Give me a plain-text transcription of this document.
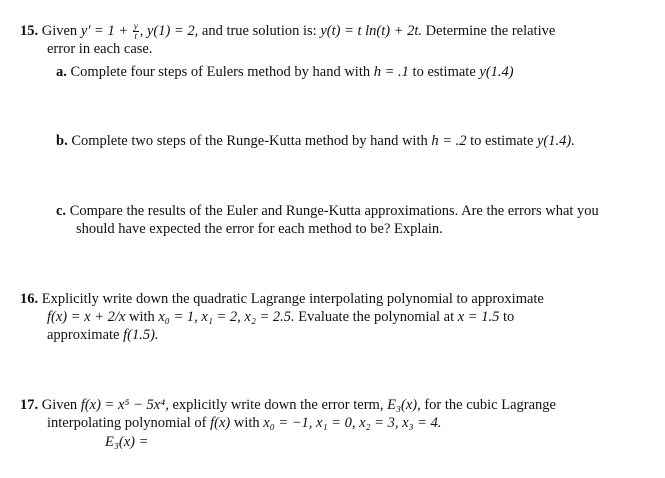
15. Given $y' = 1 + \frac{y}{t}$ , y(1) = 2, and true solution is: y(t) = t ln(t) + 2t. Determine the relative
error in each case.
a. Complete four steps of Eulers method by hand with h = .1 to estimate y(1.4)
b. Complete two steps of the Runge-Kutta method by hand with h = .2 to estimate y(1.4).
c. Compare the results of the Euler and Runge-Kutta approximations. Are the errors what you
should have expected the error for each method to be? Explain.
16. Explicitly write down the quadratic Lagrange interpolating polynomial to approximate
f(x) = x + 2/x with x₀ = 1, x₁ = 2, x₂ = 2.5. Evaluate the polynomial at x = 1.5 to
approximate f(1.5).
17. Given f(x) = x⁵ − 5x⁴, explicitly write down the error term, E₃(x), for the cubic Lagrange
interpolating polynomial of f(x) with x₀ = −1, x₁ = 0, x₂ = 3, x₃ = 4.
E₃(x) =
